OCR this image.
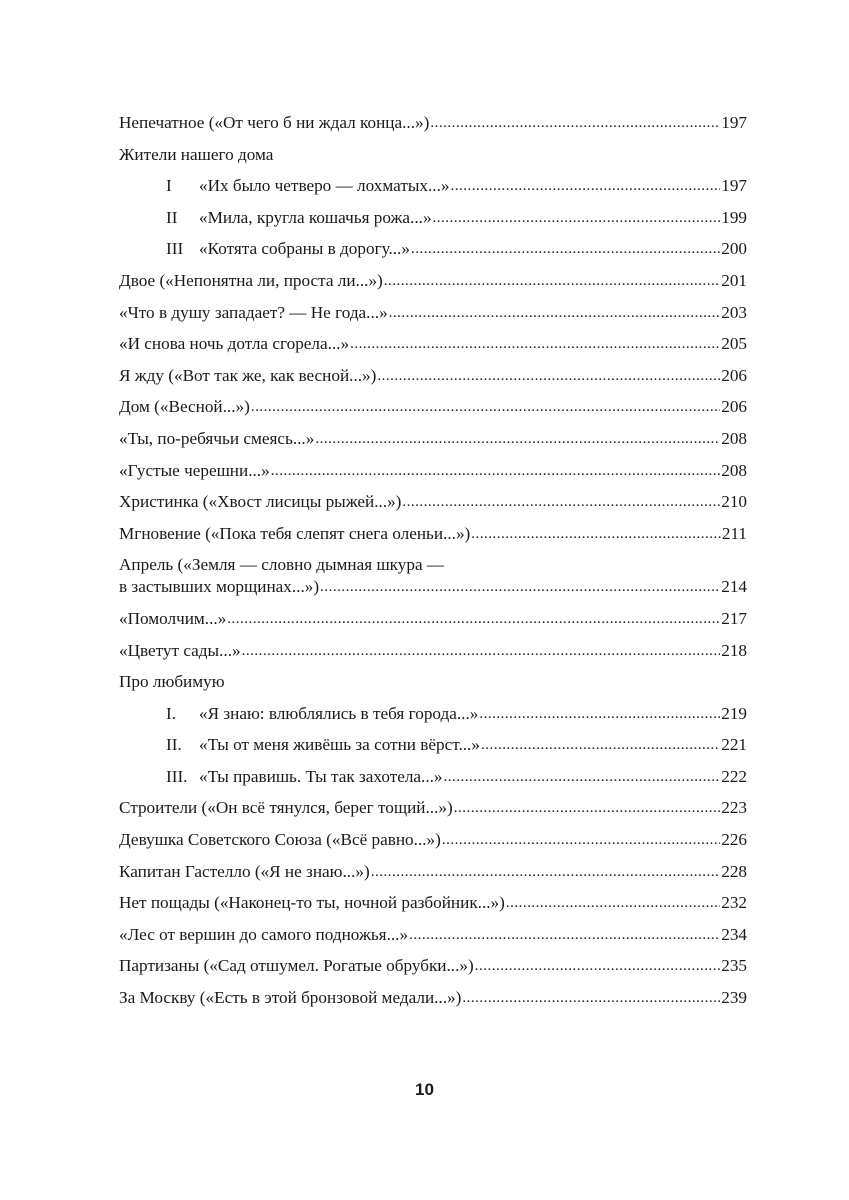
Непечатное («От чего б ни ждал конца...») .....	197
Жители нашего дома
I	«Их было четверо — лохматых...» .....	197
II	«Мила, кругла кошачья рожа...» .....	199
III «Котята собраны в дорогу...» .....	200
Двое («Непонятна ли, проста ли...») .....	201
«Что в душу западает? — Не года...» .....	203
«И снова ночь дотла сгорела...» .....	205
Я жду («Вот так же, как весной...») .....	206
Дом («Весной...») .....	206
«Ты, по-ребячьи смеясь...» .....	208
«Густые черешни...» .....	208
Христинка («Хвост лисицы рыжей...») .....	210
Мгновение («Пока тебя слепят снега оленьи...») .....	211
Апрель («Земля — словно дымная шкура —
в застывших морщинах...») .....	214
«Помолчим...» .....	217
«Цветут сады...» .....	218
Про любимую
I.	«Я знаю: влюблялись в тебя города...» .....	219
II.	«Ты от меня живёшь за сотни вёрст...» .....	221
III. «Ты правишь. Ты так захотела...» .....	222
Строители («Он всё тянулся, берег тощий...») .....	223
Девушка Советского Союза («Всё равно...») .....	226
Капитан Гастелло («Я не знаю...») .....	228
Нет пощады («Наконец-то ты, ночной разбойник...») .....	232
«Лес от вершин до самого подножья...» .....	234
Партизаны («Сад отшумел. Рогатые обрубки...») .....	235
За Москву («Есть в этой бронзовой медали...») .....	239
10
